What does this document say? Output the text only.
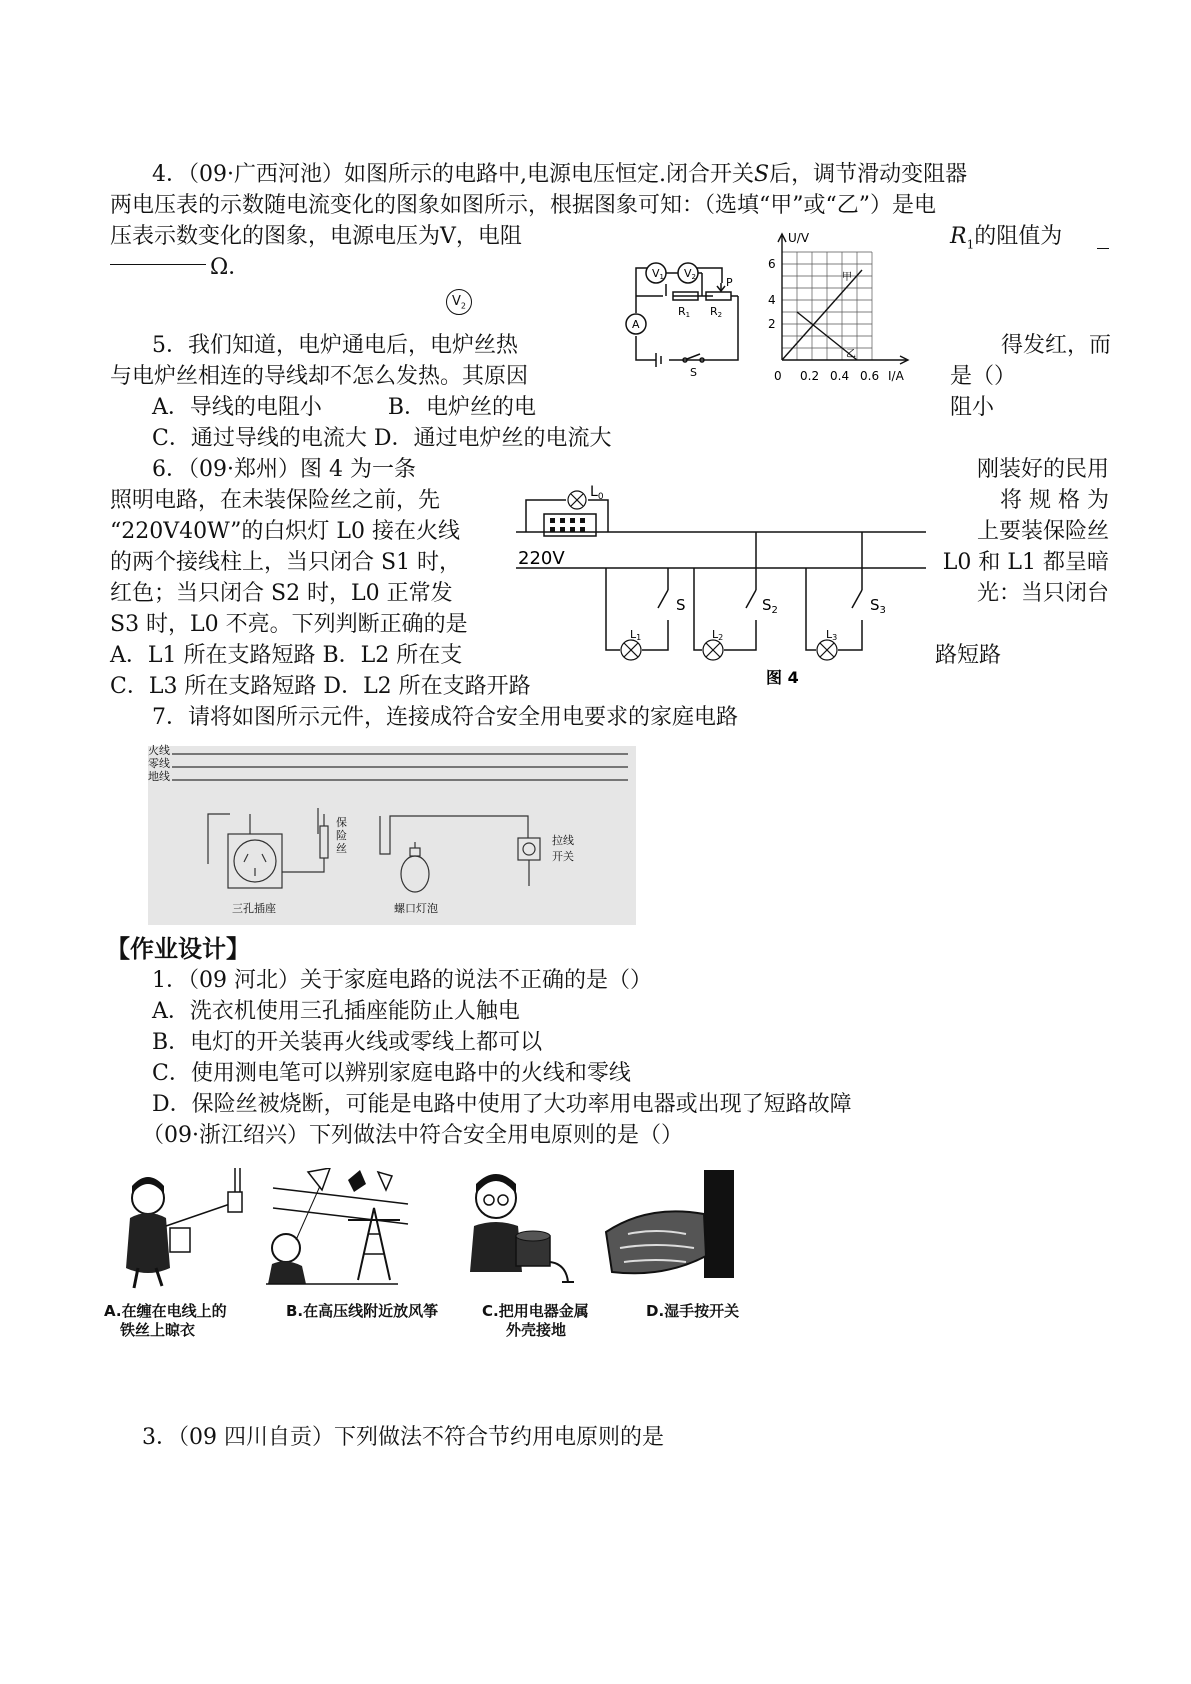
4．（09·广西河池）如图所示的电路中,电源电压恒定.闭合开关S后，调节滑动变阻器
两电压表的示数随电流变化的图象如图所示，根据图象可知：（选填“甲”或“乙”）是电
压表示数变化的图象，电源电压为V，电阻	$R_1$的阻值为
Ω．
$V_2$
V1 V2	P
R1 R2
A
S
U/V
I/A
6
4
2
0 0.2 0.4 0.6
甲
乙
5．我们知道，电炉通电后，电炉丝热	得发红，而
与电炉丝相连的导线却不怎么发热。其原因	是（）
A．导线的电阻小　　　B．电炉丝的电	阻小
C．通过导线的电流大 D．通过电炉丝的电流大
6．（09·郑州）图 4 为一条	刚装好的民用
照明电路，在未装保险丝之前，先	将 规 格 为
“220V40W”的白炽灯 L0 接在火线	上要装保险丝
的两个接线柱上，当只闭合 S1 时，	L0 和 L1 都呈暗
红色；当只闭合 S2 时，L0 正常发	光：当只闭台
S3 时，L0 不亮。下列判断正确的是
A．L1 所在支路短路 B．L2 所在支	路短路
C．L3 所在支路短路 D．L2 所在支路开路
$L_0$
220V
S	$S_2$	$S_3$
L1	L2	L3
图 4
7．请将如图所示元件，连接成符合安全用电要求的家庭电路
火线
零线
地线
保
险
丝
拉线
开关
三孔插座	螺口灯泡
【作业设计】
1．（09 河北）关于家庭电路的说法不正确的是（）
A．洗衣机使用三孔插座能防止人触电
B．电灯的开关装再火线或零线上都可以
C．使用测电笔可以辨别家庭电路中的火线和零线
D．保险丝被烧断，可能是电路中使用了大功率用电器或出现了短路故障
（09·浙江绍兴）下列做法中符合安全用电原则的是（）
A.在缠在电线上的
铁丝上晾衣
B.在高压线附近放风筝	C.把用电器金属
外壳接地
D.湿手按开关
3．（09 四川自贡）下列做法不符合节约用电原则的是
